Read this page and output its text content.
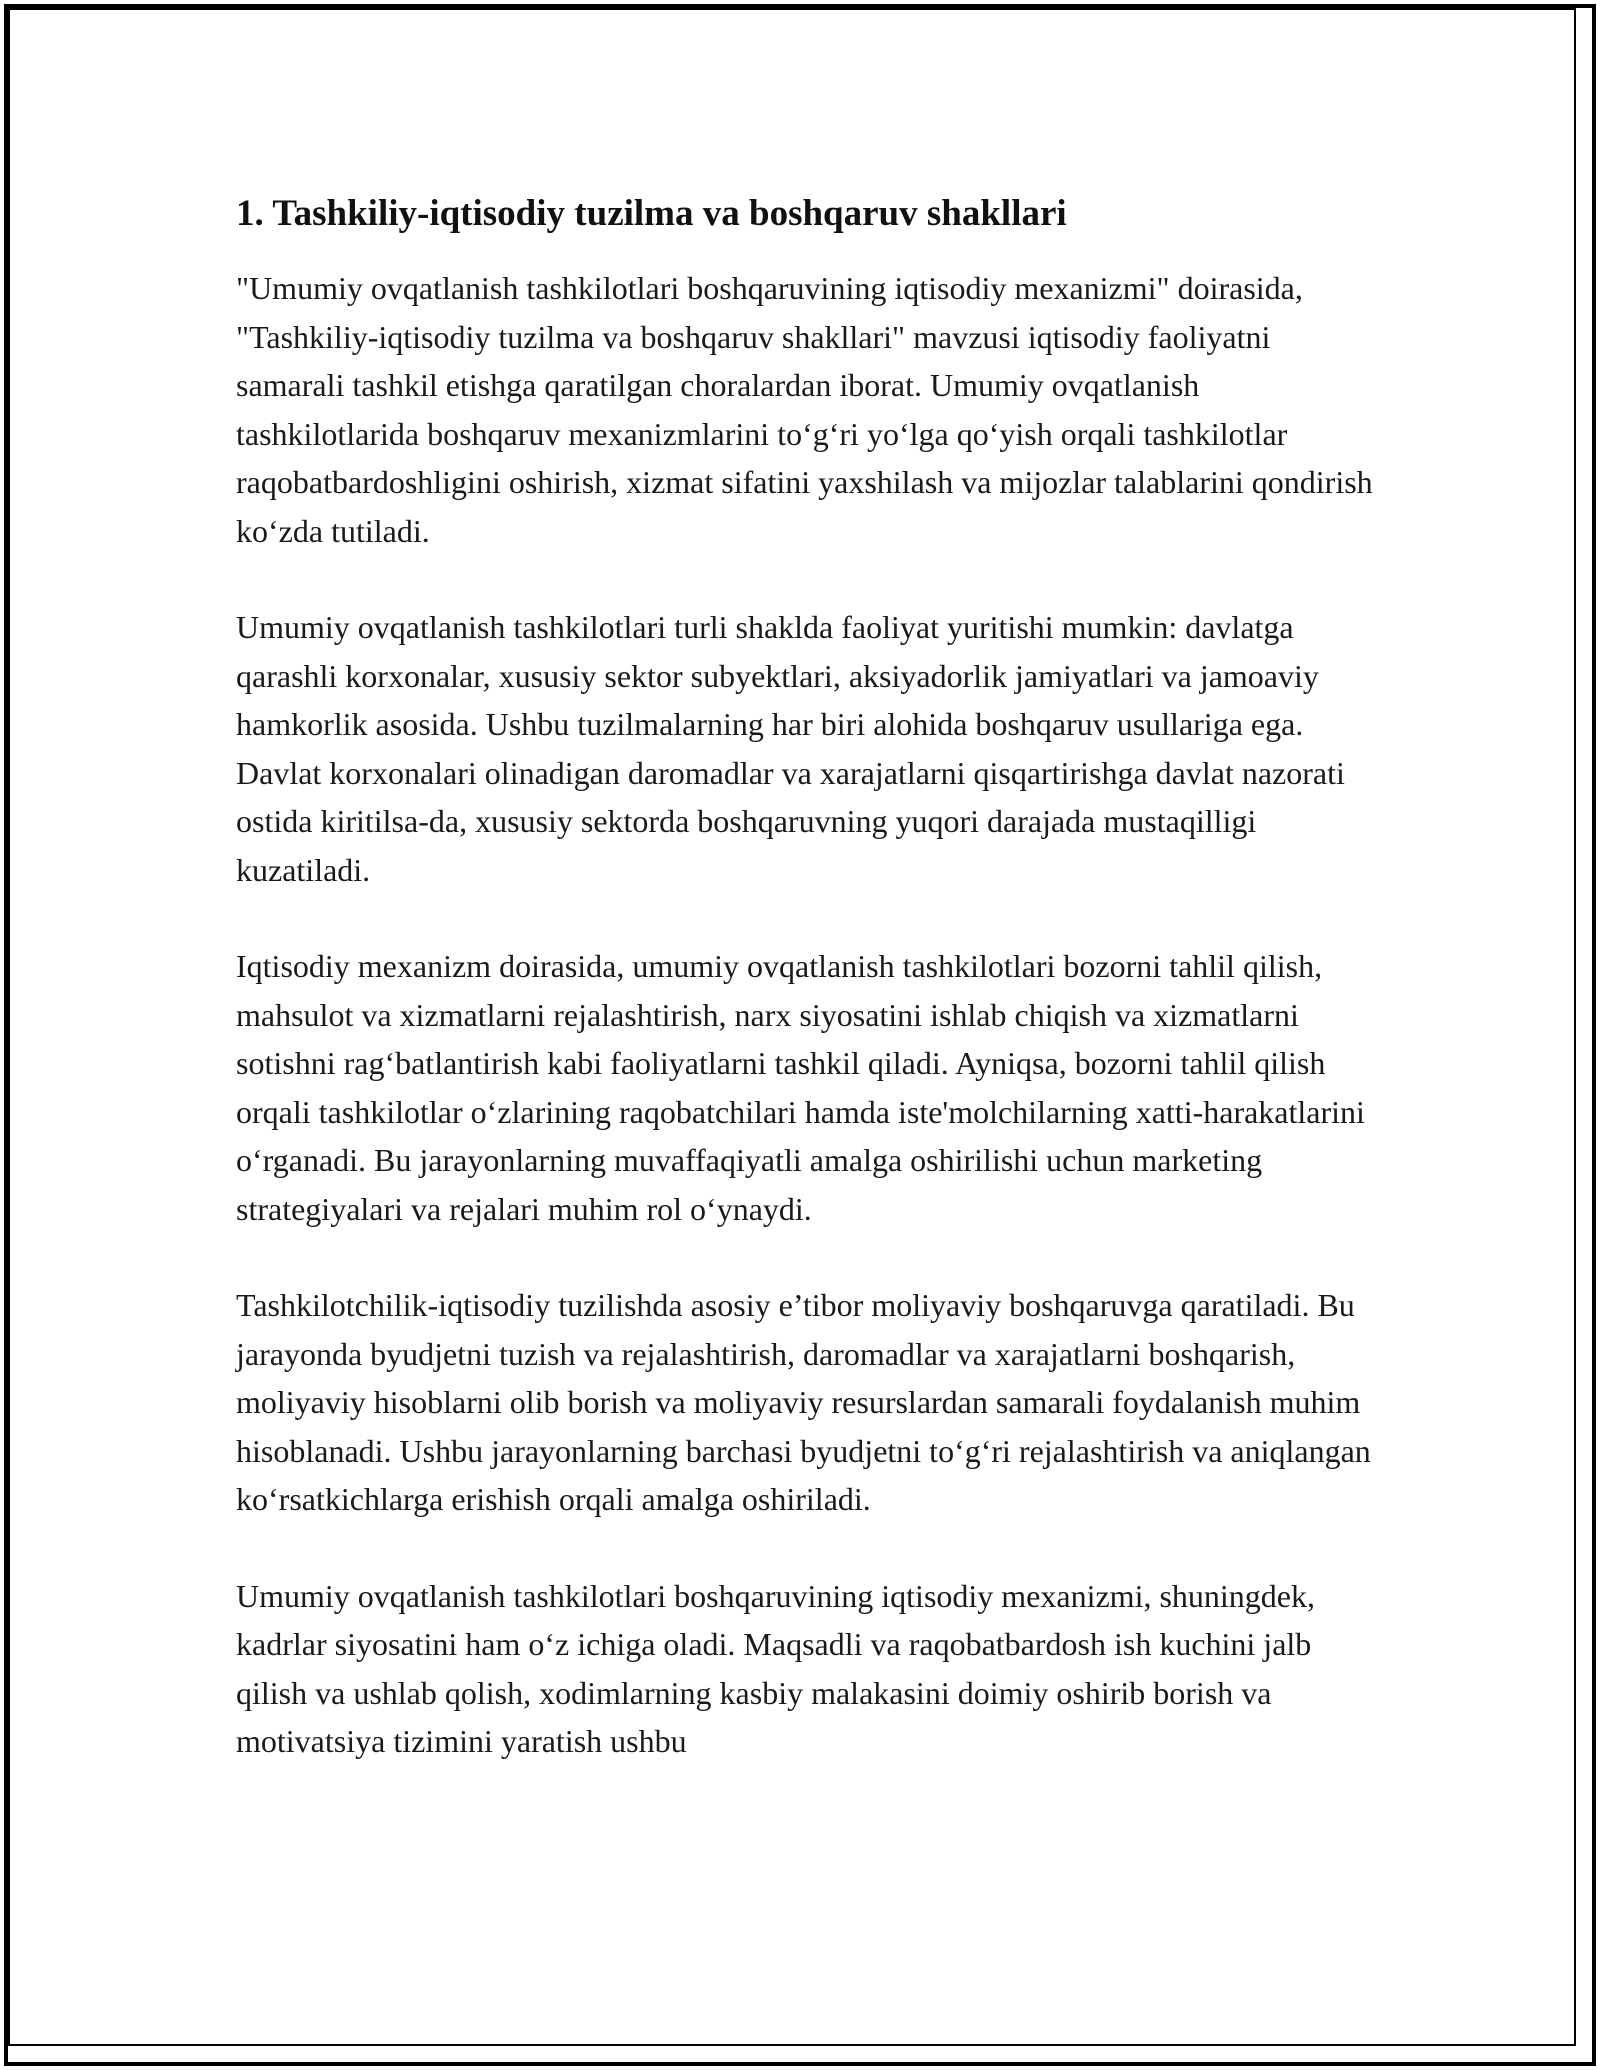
1. Tashkiliy-iqtisodiy tuzilma va boshqaruv shakllari

"Umumiy ovqatlanish tashkilotlari boshqaruvining iqtisodiy mexanizmi" doirasida, "Tashkiliy-iqtisodiy tuzilma va boshqaruv shakllari" mavzusi iqtisodiy faoliyatni samarali tashkil etishga qaratilgan choralardan iborat. Umumiy ovqatlanish tashkilotlarida boshqaruv mexanizmlarini to‘g‘ri yo‘lga qo‘yish orqali tashkilotlar raqobatbardoshligini oshirish, xizmat sifatini yaxshilash va mijozlar talablarini qondirish ko‘zda tutiladi.

Umumiy ovqatlanish tashkilotlari turli shaklda faoliyat yuritishi mumkin: davlatga qarashli korxonalar, xususiy sektor subyektlari, aksiyadorlik jamiyatlari va jamoaviy hamkorlik asosida. Ushbu tuzilmalarning har biri alohida boshqaruv usullariga ega. Davlat korxonalari olinadigan daromadlar va xarajatlarni qisqartirishga davlat nazorati ostida kiritilsa-da, xususiy sektorda boshqaruvning yuqori darajada mustaqilligi kuzatiladi.

Iqtisodiy mexanizm doirasida, umumiy ovqatlanish tashkilotlari bozorni tahlil qilish, mahsulot va xizmatlarni rejalashtirish, narx siyosatini ishlab chiqish va xizmatlarni sotishni rag‘batlantirish kabi faoliyatlarni tashkil qiladi. Ayniqsa, bozorni tahlil qilish orqali tashkilotlar o‘zlarining raqobatchilari hamda iste'molchilarning xatti-harakatlarini o‘rganadi. Bu jarayonlarning muvaffaqiyatli amalga oshirilishi uchun marketing strategiyalari va rejalari muhim rol o‘ynaydi.

Tashkilotchilik-iqtisodiy tuzilishda asosiy e’tibor moliyaviy boshqaruvga qaratiladi. Bu jarayonda byudjetni tuzish va rejalashtirish, daromadlar va xarajatlarni boshqarish, moliyaviy hisoblarni olib borish va moliyaviy resurslardan samarali foydalanish muhim hisoblanadi. Ushbu jarayonlarning barchasi byudjetni to‘g‘ri rejalashtirish va aniqlangan ko‘rsatkichlarga erishish orqali amalga oshiriladi.

Umumiy ovqatlanish tashkilotlari boshqaruvining iqtisodiy mexanizmi, shuningdek, kadrlar siyosatini ham o‘z ichiga oladi. Maqsadli va raqobatbardosh ish kuchini jalb qilish va ushlab qolish, xodimlarning kasbiy malakasini doimiy oshirib borish va motivatsiya tizimini yaratish ushbu
